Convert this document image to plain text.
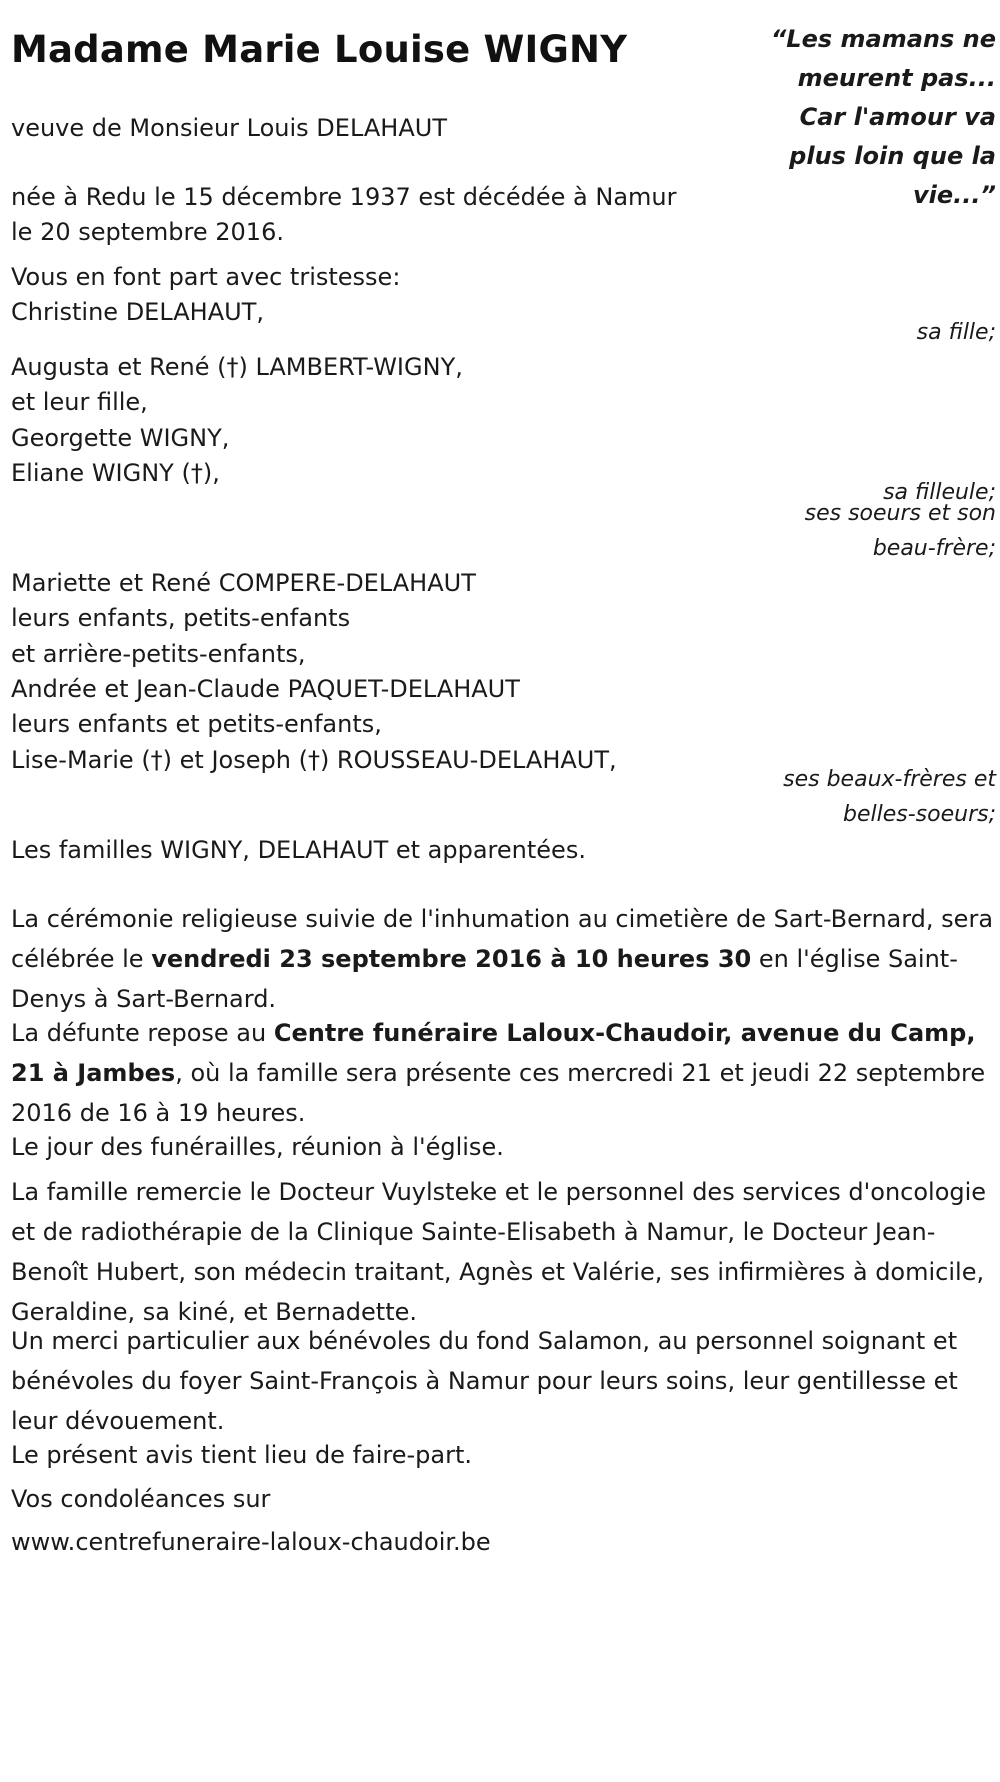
Madame Marie Louise WIGNY	“Les mamans ne meurent pas... Car l'amour va plus loin que la vie...”

veuve de Monsieur Louis DELAHAUT

née à Redu le 15 décembre 1937 est décédée à Namur

le 20 septembre 2016.

Vous en font part avec tristesse:

Christine DELAHAUT,

sa fille;

Augusta et René (†) LAMBERT-WIGNY,

et leur fille,

Georgette WIGNY,

Eliane WIGNY (†),

sa filleule;

ses soeurs et son

beau-frère;

Mariette et René COMPERE-DELAHAUT

leurs enfants, petits-enfants

et arrière-petits-enfants,

Andrée et Jean-Claude PAQUET-DELAHAUT

leurs enfants et petits-enfants,

Lise-Marie (†) et Joseph (†) ROUSSEAU-DELAHAUT,

ses beaux-frères et

belles-soeurs;

Les familles WIGNY, DELAHAUT et apparentées.

La cérémonie religieuse suivie de l'inhumation au cimetière de Sart-Bernard, sera célébrée le vendredi 23 septembre 2016 à 10 heures 30 en l'église Saint-Denys à Sart-Bernard.

La défunte repose au Centre funéraire Laloux-Chaudoir, avenue du Camp, 21 à Jambes, où la famille sera présente ces mercredi 21 et jeudi 22 septembre 2016 de 16 à 19 heures.

Le jour des funérailles, réunion à l'église.

La famille remercie le Docteur Vuylsteke et le personnel des services d'oncologie et de radiothérapie de la Clinique Sainte-Elisabeth à Namur, le Docteur Jean-Benoît Hubert, son médecin traitant, Agnès et Valérie, ses infirmières à domicile, Geraldine, sa kiné, et Bernadette.

Un merci particulier aux bénévoles du fond Salamon, au personnel soignant et bénévoles du foyer Saint-François à Namur pour leurs soins, leur gentillesse et leur dévouement.

Le présent avis tient lieu de faire-part.

Vos condoléances sur

www.centrefuneraire-laloux-chaudoir.be
